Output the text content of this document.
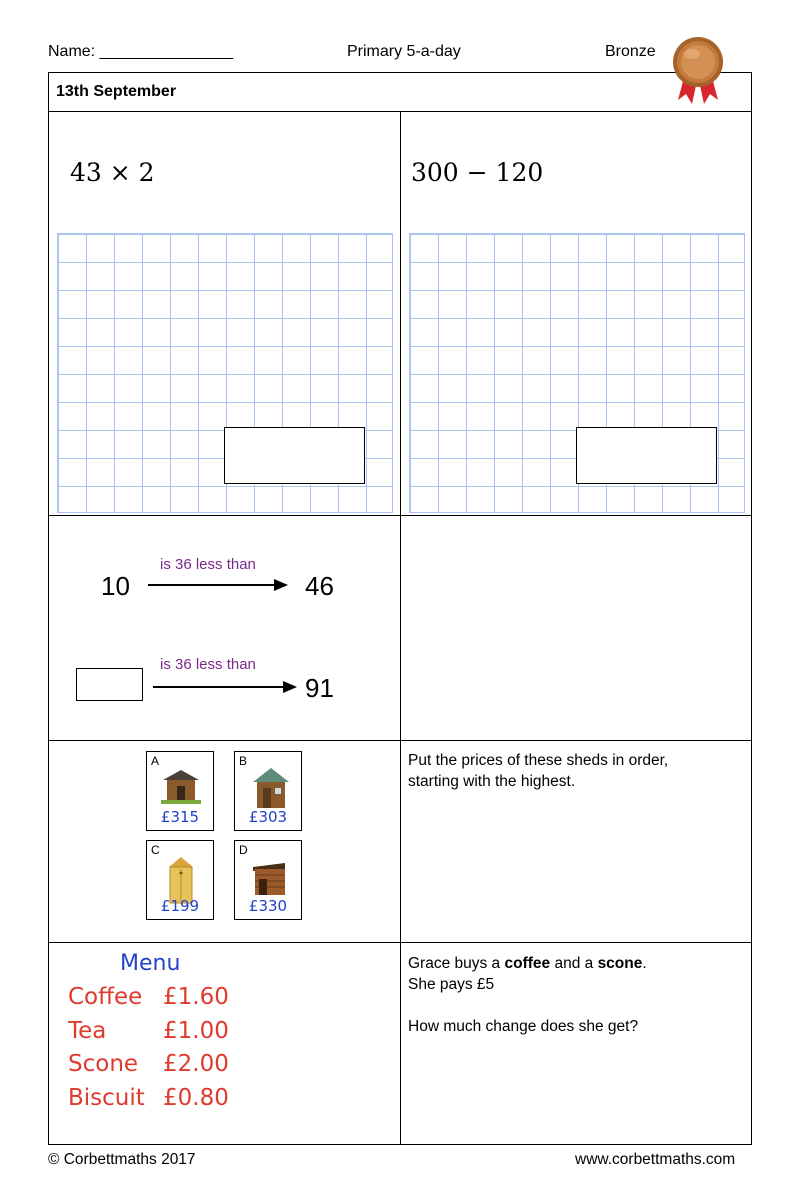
Name: _______________	Primary 5-a-day	Bronze
13th September
43 × 2	300 − 120
10
is 36 less than
46
is 36 less than
91
A
£315
B
£303
C
£199
D
£330
Put the prices of these sheds in order,
starting with the highest.
Menu
Coffee £1.60
Tea £1.00
Scone £2.00
Biscuit £0.80
Grace buys a coffee and a scone.
She pays £5
How much change does she get?
© Corbettmaths 2017	www.corbettmaths.com
